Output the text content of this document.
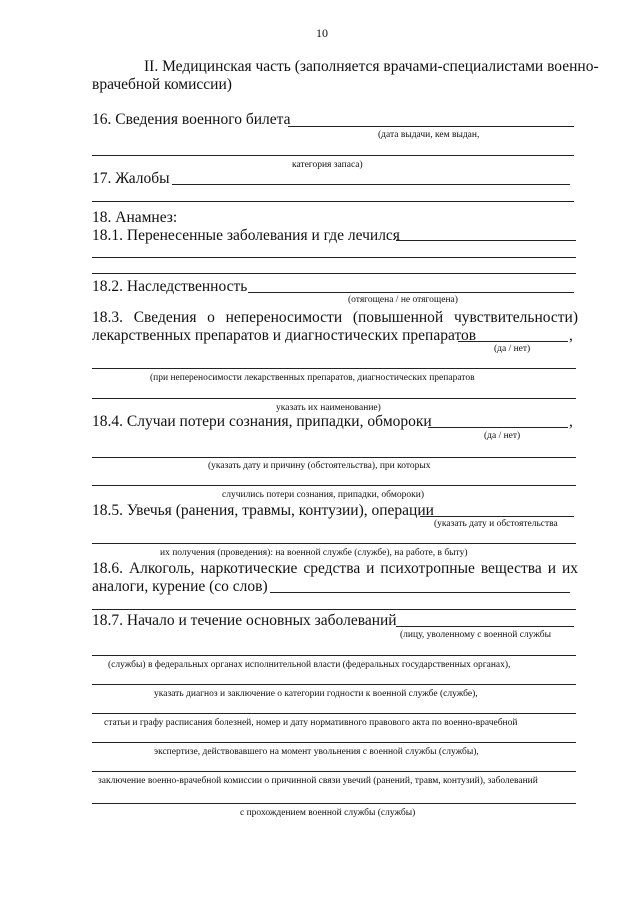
10
II. Медицинская часть (заполняется врачами-специалистами военно-
врачебной комиссии)
16. Сведения военного билета
(дата выдачи, кем выдан,
категория запаса)
17. Жалобы
18. Анамнез:
18.1. Перенесенные заболевания и где лечился
18.2. Наследственность
(отягощена / не отягощена)
18.3. Сведения о непереносимости (повышенной чувствительности)
лекарственных препаратов и диагностических препаратов	,
(да / нет)
(при непереносимости лекарственных препаратов, диагностических препаратов
указать их наименование)
18.4. Случаи потери сознания, припадки, обмороки	,
(да / нет)
(указать дату и причину (обстоятельства), при которых
случились потери сознания, припадки, обмороки)
18.5. Увечья (ранения, травмы, контузии), операции
(указать дату и обстоятельства
их получения (проведения): на военной службе (службе), на работе, в быту)
18.6. Алкоголь, наркотические средства и психотропные вещества и их
аналоги, курение (со слов)
18.7. Начало и течение основных заболеваний
(лицу, уволенному с военной службы
(службы) в федеральных органах исполнительной власти (федеральных государственных органах),
указать диагноз и заключение о категории годности к военной службе (службе),
статьи и графу расписания болезней, номер и дату нормативного правового акта по военно-врачебной
экспертизе, действовавшего на момент увольнения с военной службы (службы),
заключение военно-врачебной комиссии о причинной связи увечий (ранений, травм, контузий), заболеваний
с прохождением военной службы (службы)
